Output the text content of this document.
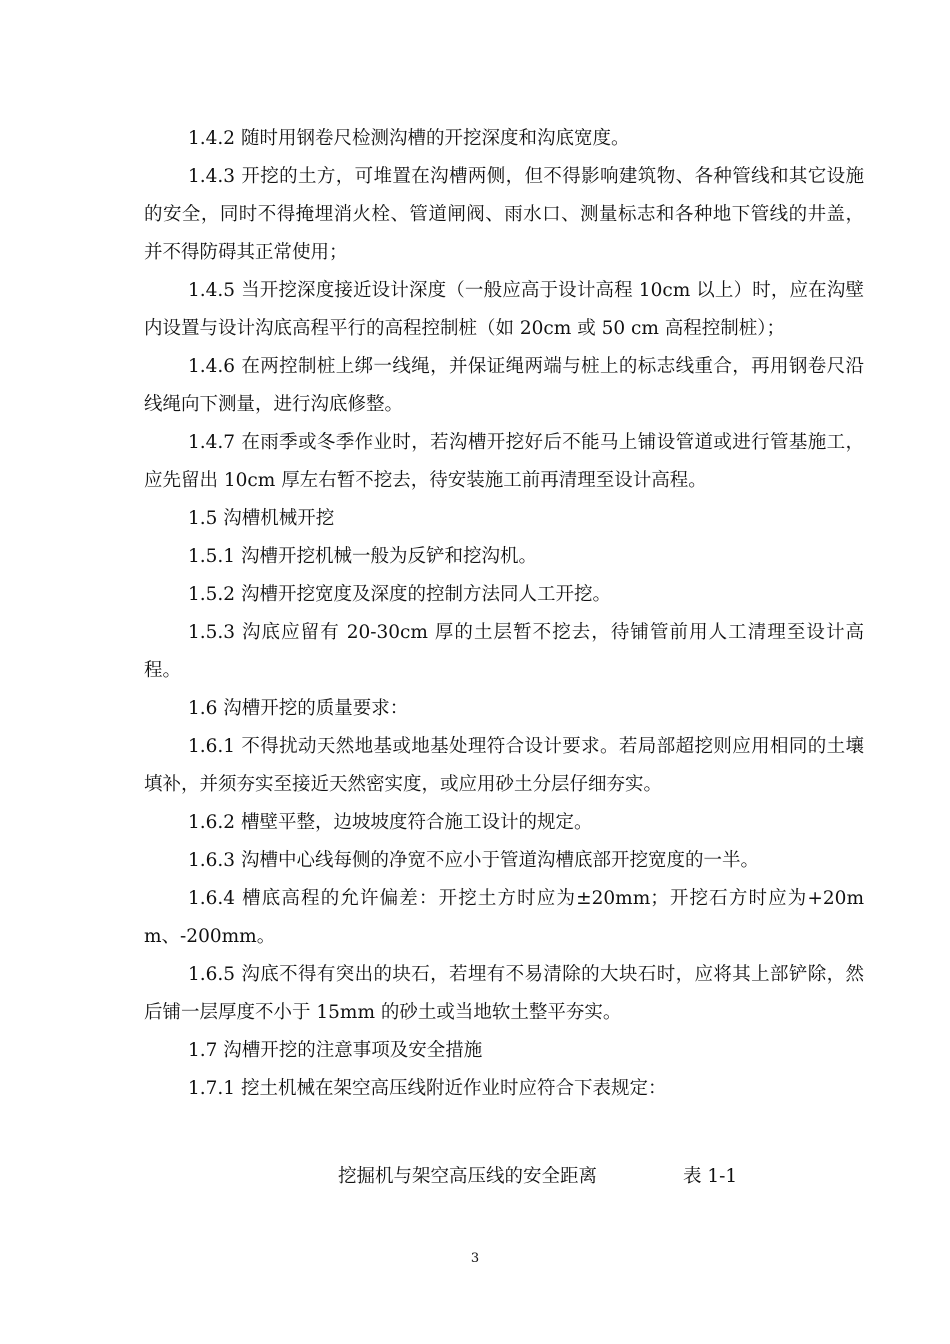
1.4.2 随时用钢卷尺检测沟槽的开挖深度和沟底宽度。

1.4.3 开挖的土方，可堆置在沟槽两侧，但不得影响建筑物、各种管线和其它设施的安全，同时不得掩埋消火栓、管道闸阀、雨水口、测量标志和各种地下管线的井盖，并不得防碍其正常使用；

1.4.5 当开挖深度接近设计深度（一般应高于设计高程 10cm 以上）时，应在沟壁内设置与设计沟底高程平行的高程控制桩（如 20cm 或 50 cm 高程控制桩）；

1.4.6 在两控制桩上绑一线绳，并保证绳两端与桩上的标志线重合，再用钢卷尺沿线绳向下测量，进行沟底修整。

1.4.7 在雨季或冬季作业时，若沟槽开挖好后不能马上铺设管道或进行管基施工，应先留出 10cm 厚左右暂不挖去，待安装施工前再清理至设计高程。

1.5 沟槽机械开挖

1.5.1 沟槽开挖机械一般为反铲和挖沟机。

1.5.2 沟槽开挖宽度及深度的控制方法同人工开挖。

1.5.3 沟底应留有 20-30cm 厚的土层暂不挖去，待铺管前用人工清理至设计高程。

1.6 沟槽开挖的质量要求：

1.6.1 不得扰动天然地基或地基处理符合设计要求。若局部超挖则应用相同的土壤填补，并须夯实至接近天然密实度，或应用砂土分层仔细夯实。

1.6.2 槽壁平整，边坡坡度符合施工设计的规定。

1.6.3 沟槽中心线每侧的净宽不应小于管道沟槽底部开挖宽度的一半。

1.6.4 槽底高程的允许偏差：开挖土方时应为±20mm；开挖石方时应为+20mm、-200mm。

1.6.5 沟底不得有突出的块石，若埋有不易清除的大块石时，应将其上部铲除，然后铺一层厚度不小于 15mm 的砂土或当地软土整平夯实。

1.7 沟槽开挖的注意事项及安全措施

1.7.1 挖土机械在架空高压线附近作业时应符合下表规定：

挖掘机与架空高压线的安全距离	表 1-1
3
